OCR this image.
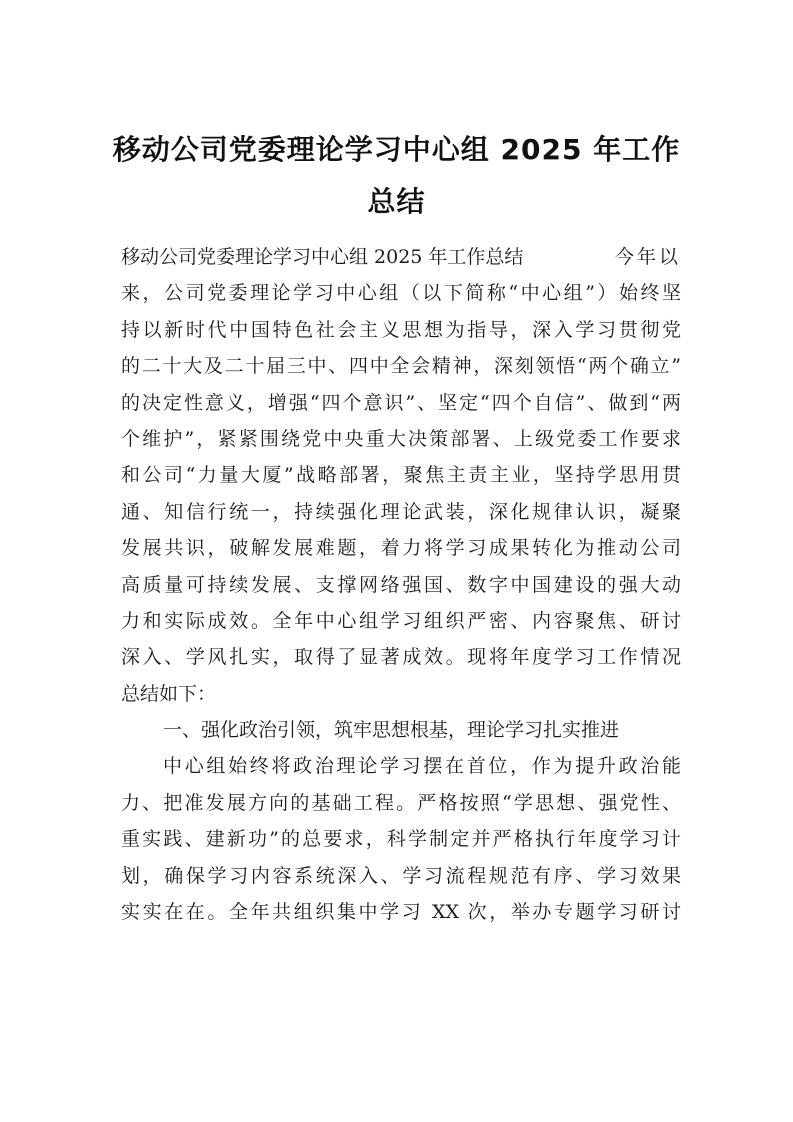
移动公司党委理论学习中心组 2025 年工作
总结
移动公司党委理论学习中心组 2025 年工作总结	今年以
来，公司党委理论学习中心组（以下简称“中心组”）始终坚
持以新时代中国特色社会主义思想为指导，深入学习贯彻党
的二十大及二十届三中、四中全会精神，深刻领悟“两个确立”
的决定性意义，增强“四个意识”、坚定“四个自信”、做到“两
个维护”，紧紧围绕党中央重大决策部署、上级党委工作要求
和公司“力量大厦”战略部署，聚焦主责主业，坚持学思用贯
通、知信行统一，持续强化理论武装，深化规律认识，凝聚
发展共识，破解发展难题，着力将学习成果转化为推动公司
高质量可持续发展、支撑网络强国、数字中国建设的强大动
力和实际成效。全年中心组学习组织严密、内容聚焦、研讨
深入、学风扎实，取得了显著成效。现将年度学习工作情况
总结如下：
一、强化政治引领，筑牢思想根基，理论学习扎实推进
中心组始终将政治理论学习摆在首位，作为提升政治能
力、把准发展方向的基础工程。严格按照“学思想、强党性、
重实践、建新功”的总要求，科学制定并严格执行年度学习计
划，确保学习内容系统深入、学习流程规范有序、学习效果
实实在在。全年共组织集中学习 XX 次，举办专题学习研讨
